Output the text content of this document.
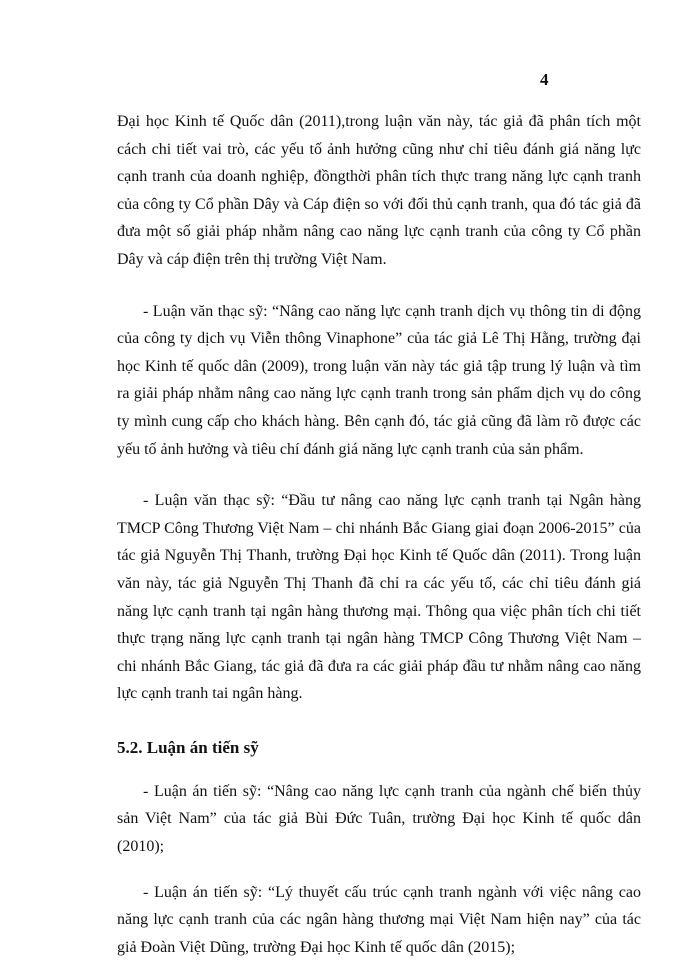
4

Đại học Kinh tế Quốc dân (2011),trong luận văn này, tác giả đã phân tích một cách chi tiết vai trò, các yếu tố ảnh hưởng cũng như chỉ tiêu đánh giá năng lực cạnh tranh của doanh nghiệp, đồngthời phân tích thực trang năng lực cạnh tranh của công ty Cổ phần Dây và Cáp điện so với đối thủ cạnh tranh, qua đó tác giả đã đưa một số giải pháp nhằm nâng cao năng lực cạnh tranh của công ty Cổ phần Dây và cáp điện trên thị trường Việt Nam.

- Luận văn thạc sỹ: “Nâng cao năng lực cạnh tranh dịch vụ thông tin di động của công ty dịch vụ Viễn thông Vinaphone” của tác giả Lê Thị Hằng, trường đại học Kinh tế quốc dân (2009), trong luận văn này tác giả tập trung lý luận và tìm ra giải pháp nhằm nâng cao năng lực cạnh tranh trong sản phẩm dịch vụ do công ty mình cung cấp cho khách hàng. Bên cạnh đó, tác giả cũng đã làm rõ được các yếu tố ảnh hưởng và tiêu chí đánh giá năng lực cạnh tranh của sản phẩm.

- Luận văn thạc sỹ: “Đầu tư nâng cao năng lực cạnh tranh tại Ngân hàng TMCP Công Thương Việt Nam – chi nhánh Bắc Giang giai đoạn 2006-2015” của tác giả Nguyễn Thị Thanh, trường Đại học Kinh tế Quốc dân (2011). Trong luận văn này, tác giả Nguyễn Thị Thanh đã chỉ ra các yếu tố, các chỉ tiêu đánh giá năng lực cạnh tranh tại ngân hàng thương mại. Thông qua việc phân tích chi tiết thực trạng năng lực cạnh tranh tại ngân hàng TMCP Công Thương Việt Nam – chi nhánh Bắc Giang, tác giả đã đưa ra các giải pháp đầu tư nhằm nâng cao năng lực cạnh tranh tai ngân hàng.

5.2. Luận án tiến sỹ

- Luận án tiến sỹ: “Nâng cao năng lực cạnh tranh của ngành chế biến thủy sản Việt Nam” của tác giả Bùi Đức Tuân, trường Đại học Kinh tế quốc dân (2010);

- Luận án tiến sỹ: “Lý thuyết cấu trúc cạnh tranh ngành với việc nâng cao năng lực cạnh tranh của các ngân hàng thương mại Việt Nam hiện nay” của tác giả Đoàn Việt Dũng, trường Đại học Kinh tế quốc dân (2015);
